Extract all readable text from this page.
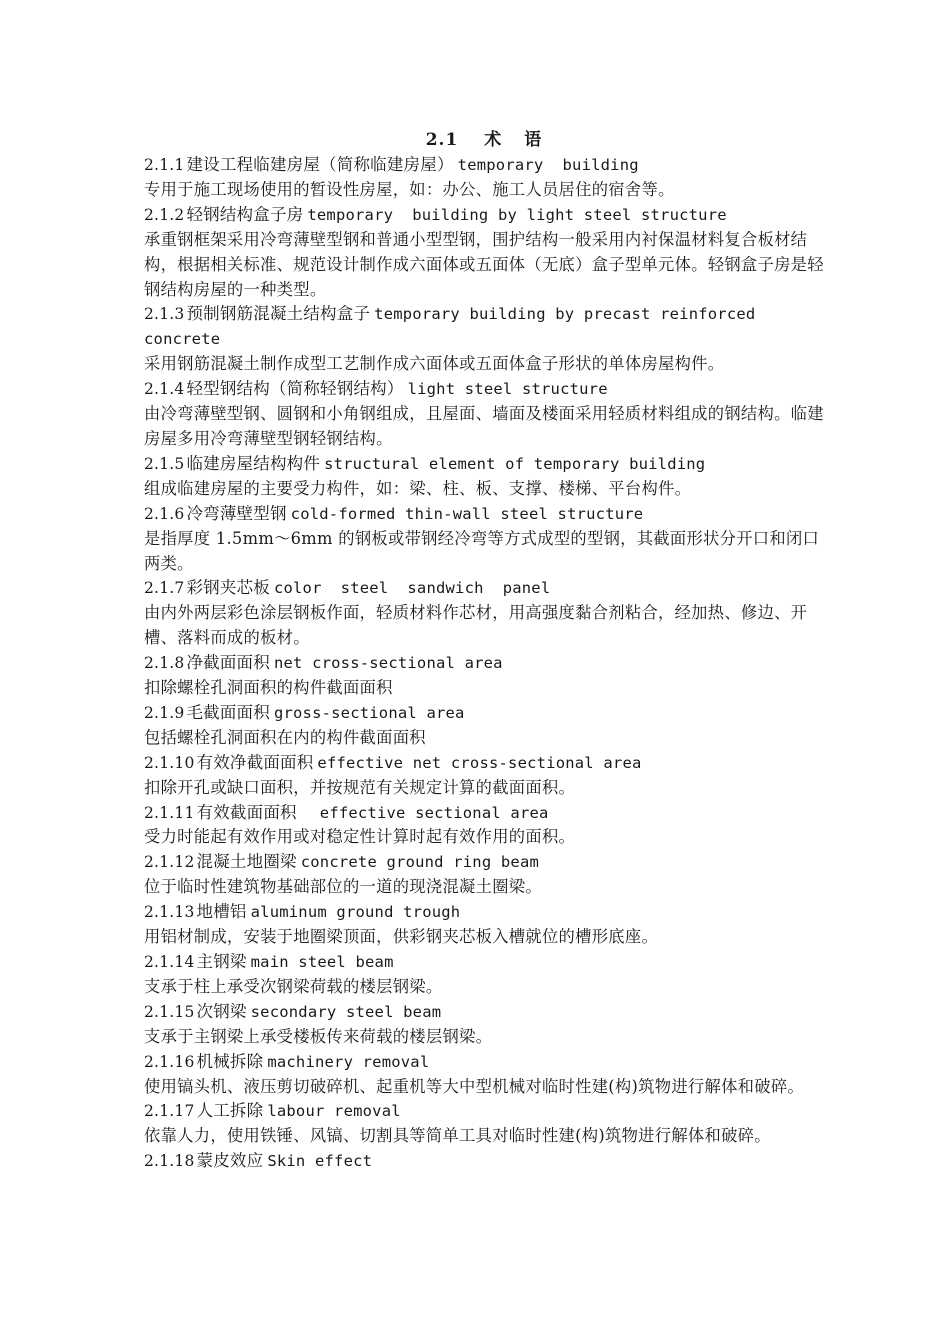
2.1 术 语
2.1.1 建设工程临建房屋（简称临建房屋） temporary  building
专用于施工现场使用的暂设性房屋，如：办公、施工人员居住的宿舍等。
2.1.2 轻钢结构盒子房 temporary  building by light steel structure
承重钢框架采用冷弯薄壁型钢和普通小型型钢，围护结构一般采用内衬保温材料复合板材结构，根据相关标准、规范设计制作成六面体或五面体（无底）盒子型单元体。轻钢盒子房是轻钢结构房屋的一种类型。
2.1.3 预制钢筋混凝土结构盒子 temporary building by precast reinforced concrete
采用钢筋混凝土制作成型工艺制作成六面体或五面体盒子形状的单体房屋构件。
2.1.4 轻型钢结构（简称轻钢结构） light steel structure
由冷弯薄壁型钢、圆钢和小角钢组成，且屋面、墙面及楼面采用轻质材料组成的钢结构。临建房屋多用冷弯薄壁型钢轻钢结构。
2.1.5 临建房屋结构构件 structural element of temporary building
组成临建房屋的主要受力构件，如：梁、柱、板、支撑、楼梯、平台构件。
2.1.6 冷弯薄壁型钢 cold-formed thin-wall steel structure
是指厚度 1.5mm～6mm 的钢板或带钢经冷弯等方式成型的型钢，其截面形状分开口和闭口两类。
2.1.7 彩钢夹芯板 color  steel  sandwich  panel
由内外两层彩色涂层钢板作面，轻质材料作芯材，用高强度黏合剂粘合，经加热、修边、开槽、落料而成的板材。
2.1.8 净截面面积 net cross-sectional area
扣除螺栓孔洞面积的构件截面面积
2.1.9 毛截面面积 gross-sectional area
包括螺栓孔洞面积在内的构件截面面积
2.1.10 有效净截面面积 effective net cross-sectional area
扣除开孔或缺口面积，并按规范有关规定计算的截面面积。
2.1.11 有效截面面积  effective sectional area
受力时能起有效作用或对稳定性计算时起有效作用的面积。
2.1.12 混凝土地圈梁 concrete ground ring beam
位于临时性建筑物基础部位的一道的现浇混凝土圈梁。
2.1.13 地槽铝 aluminum ground trough
用铝材制成，安装于地圈梁顶面，供彩钢夹芯板入槽就位的槽形底座。
2.1.14 主钢梁 main steel beam
支承于柱上承受次钢梁荷载的楼层钢梁。
2.1.15 次钢梁 secondary steel beam
支承于主钢梁上承受楼板传来荷载的楼层钢梁。
2.1.16 机械拆除 machinery removal
使用镐头机、液压剪切破碎机、起重机等大中型机械对临时性建(构)筑物进行解体和破碎。
2.1.17 人工拆除 labour removal
依靠人力，使用铁锤、风镐、切割具等简单工具对临时性建(构)筑物进行解体和破碎。
2.1.18 蒙皮效应 Skin effect
